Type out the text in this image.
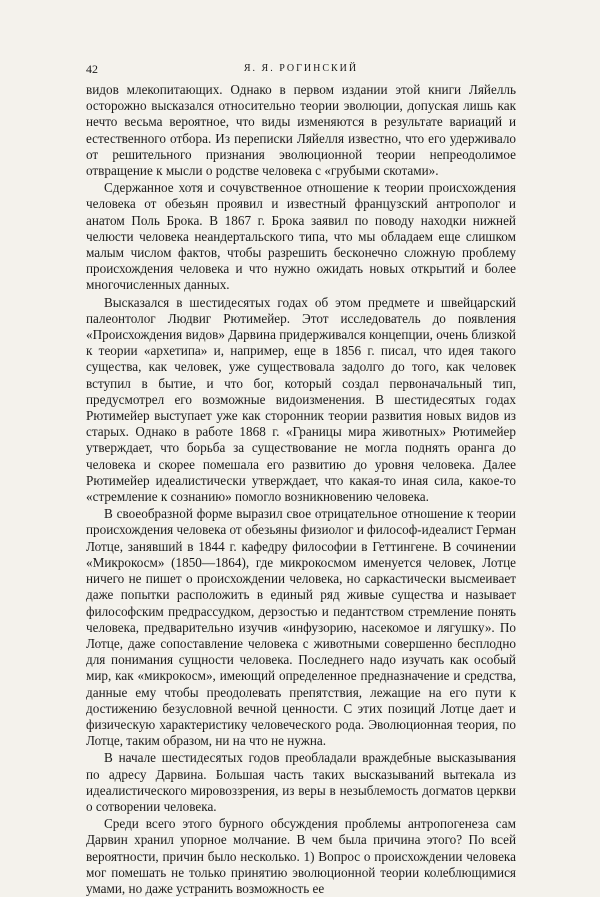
42	Я. Я. РОГИНСКИЙ

видов млекопитающих. Однако в первом издании этой книги Ляйелль осторожно высказался относительно теории эволюции, допуская лишь как нечто весьма вероятное, что виды изменяются в результате вариаций и естественного отбора. Из переписки Ляйелля известно, что его удерживало от решительного признания эволюционной теории непреодолимое отвращение к мысли о родстве человека с «грубыми скотами».

Сдержанное хотя и сочувственное отношение к теории происхождения человека от обезьян проявил и известный французский антрополог и анатом Поль Брока. В 1867 г. Брока заявил по поводу находки нижней челюсти человека неандертальского типа, что мы обладаем еще слишком малым числом фактов, чтобы разрешить бесконечно сложную проблему происхождения человека и что нужно ожидать новых открытий и более многочисленных данных.

Высказался в шестидесятых годах об этом предмете и швейцарский палеонтолог Людвиг Рютимейер. Этот исследователь до появления «Происхождения видов» Дарвина придерживался концепции, очень близкой к теории «архетипа» и, например, еще в 1856 г. писал, что идея такого существа, как человек, уже существовала задолго до того, как человек вступил в бытие, и что бог, который создал первоначальный тип, предусмотрел его возможные видоизменения. В шестидесятых годах Рютимейер выступает уже как сторонник теории развития новых видов из старых. Однако в работе 1868 г. «Границы мира животных» Рютимейер утверждает, что борьба за существование не могла поднять оранга до человека и скорее помешала его развитию до уровня человека. Далее Рютимейер идеалистически утверждает, что какая-то иная сила, какое-то «стремление к сознанию» помогло возникновению человека.

В своеобразной форме выразил свое отрицательное отношение к теории происхождения человека от обезьяны физиолог и философ-идеалист Герман Лотце, занявший в 1844 г. кафедру философии в Геттингене. В сочинении «Микрокосм» (1850—1864), где микрокосмом именуется человек, Лотце ничего не пишет о происхождении человека, но саркастически высмеивает даже попытки расположить в единый ряд живые существа и называет философским предрассудком, дерзостью и педантством стремление понять человека, предварительно изучив «инфузорию, насекомое и лягушку». По Лотце, даже сопоставление человека с животными совершенно бесплодно для понимания сущности человека. Последнего надо изучать как особый мир, как «микрокосм», имеющий определенное предназначение и средства, данные ему чтобы преодолевать препятствия, лежащие на его пути к достижению безусловной вечной ценности. С этих позиций Лотце дает и физическую характеристику человеческого рода. Эволюционная теория, по Лотце, таким образом, ни на что не нужна.

В начале шестидесятых годов преобладали враждебные высказывания по адресу Дарвина. Большая часть таких высказываний вытекала из идеалистического мировоззрения, из веры в незыблемость догматов церкви о сотворении человека.

Среди всего этого бурного обсуждения проблемы антропогенеза сам Дарвин хранил упорное молчание. В чем была причина этого? По всей вероятности, причин было несколько. 1) Вопрос о происхождении человека мог помешать не только принятию эволюционной теории колеблющимися умами, но даже устранить возможность ее
